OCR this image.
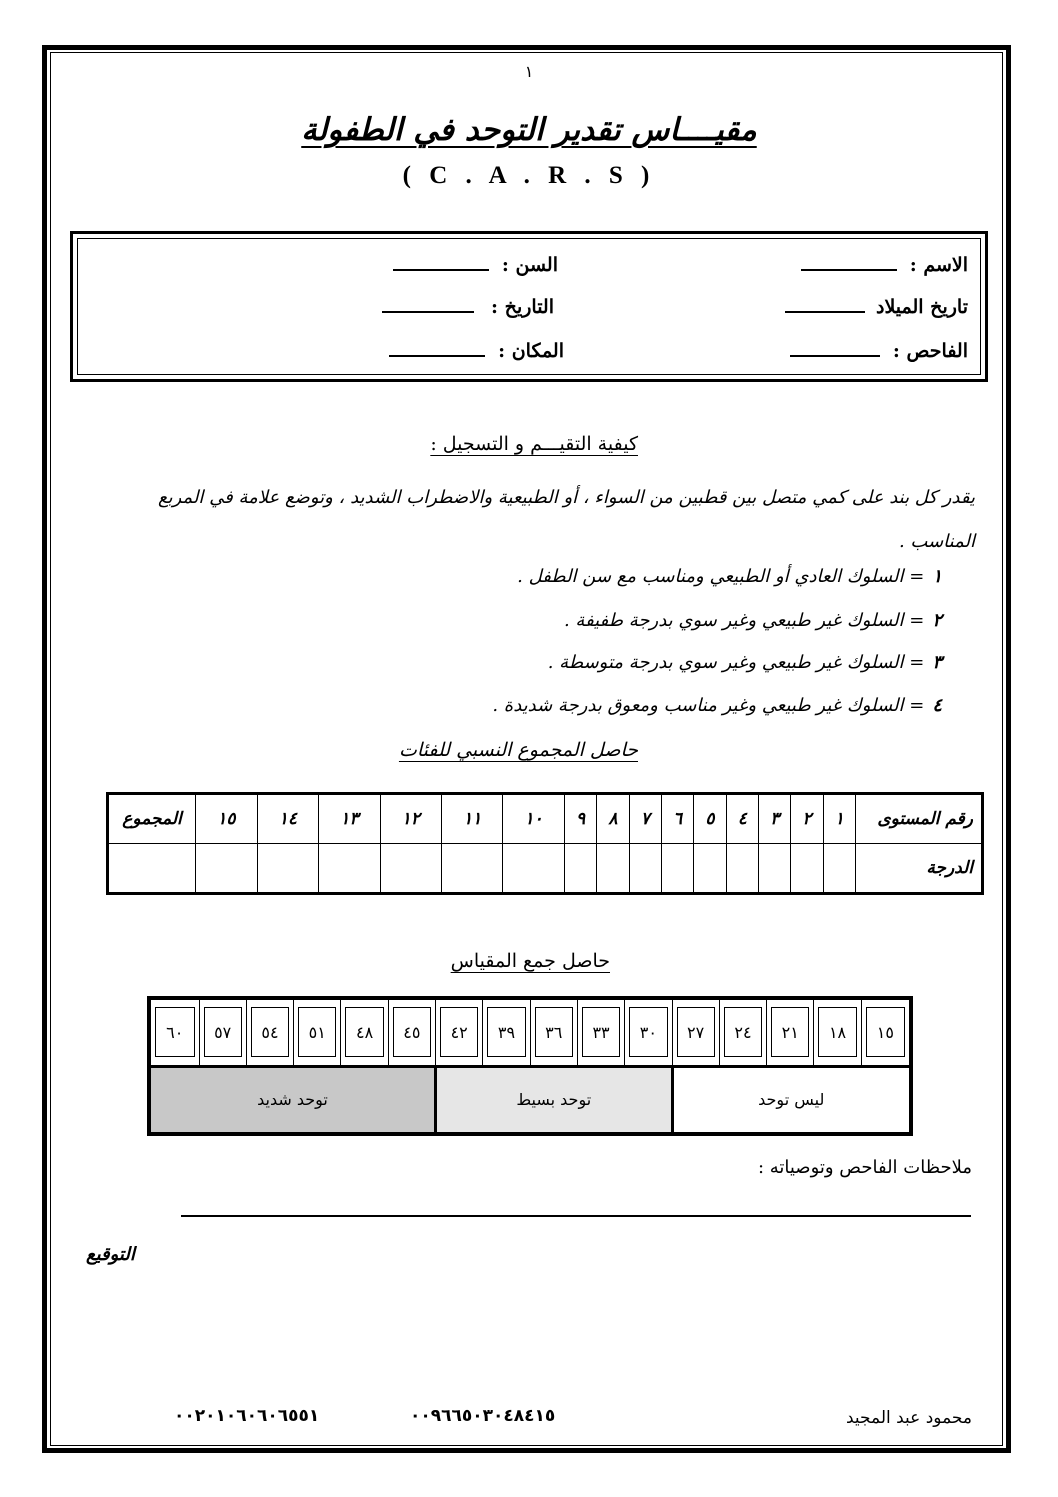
١
مقيــــاس تقدير التوحد في الطفولة
( C . A . R . S )
الاسم :
السن :
تاريخ الميلاد
التاريخ :
الفاحص :
المكان :
كيفية التقيـــم و التسجيل :
يقدر كل بند على كمي متصل بين قطبين من السواء ، أو الطبيعية والاضطراب الشديد ، وتوضع علامة في المربع المناسب .
١= السلوك العادي أو الطبيعي ومناسب مع سن الطفل .
٢= السلوك غير طبيعي وغير سوي بدرجة طفيفة .
٣= السلوك غير طبيعي وغير سوي بدرجة متوسطة .
٤= السلوك غير طبيعي وغير مناسب ومعوق بدرجة شديدة .
حاصل المجموع النسبي للفئات
رقم المستوى	١	٢	٣	٤	٥	٦	٧	٨	٩	١٠	١١	١٢	١٣	١٤	١٥	المجموع
الدرجة																
حاصل جمع المقياس
١٥	١٨	٢١	٢٤	٢٧	٣٠	٣٣	٣٦	٣٩	٤٢	٤٥	٤٨	٥١	٥٤	٥٧	٦٠

ليس توحد					توحد بسيط					توحد شديد					
ملاحظات الفاحص وتوصياته :
التوقيع
محمود عبد المجيد
٠٠٩٦٦٥٠٣٠٤٨٤١٥
٠٠٢٠١٠٦٠٦٠٦٥٥١
